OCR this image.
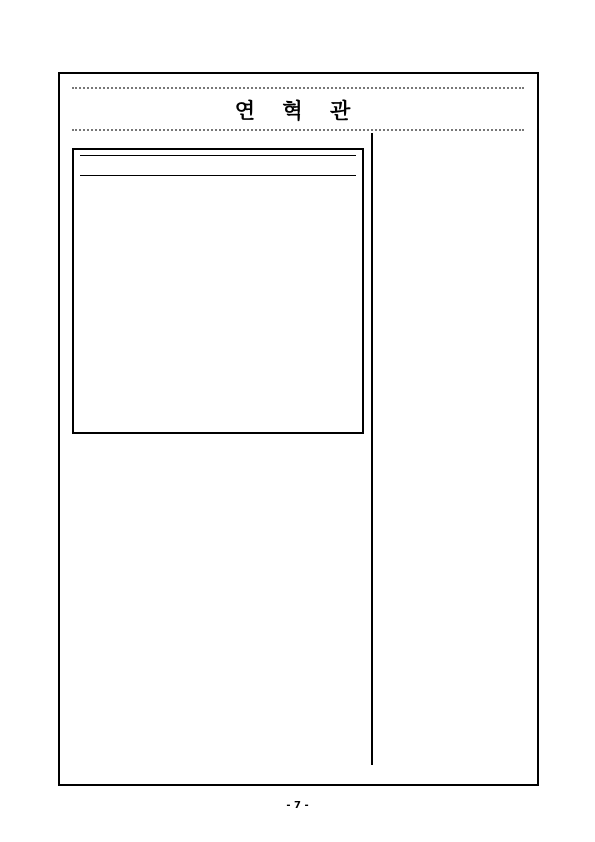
연 혁 관
- 7 -
